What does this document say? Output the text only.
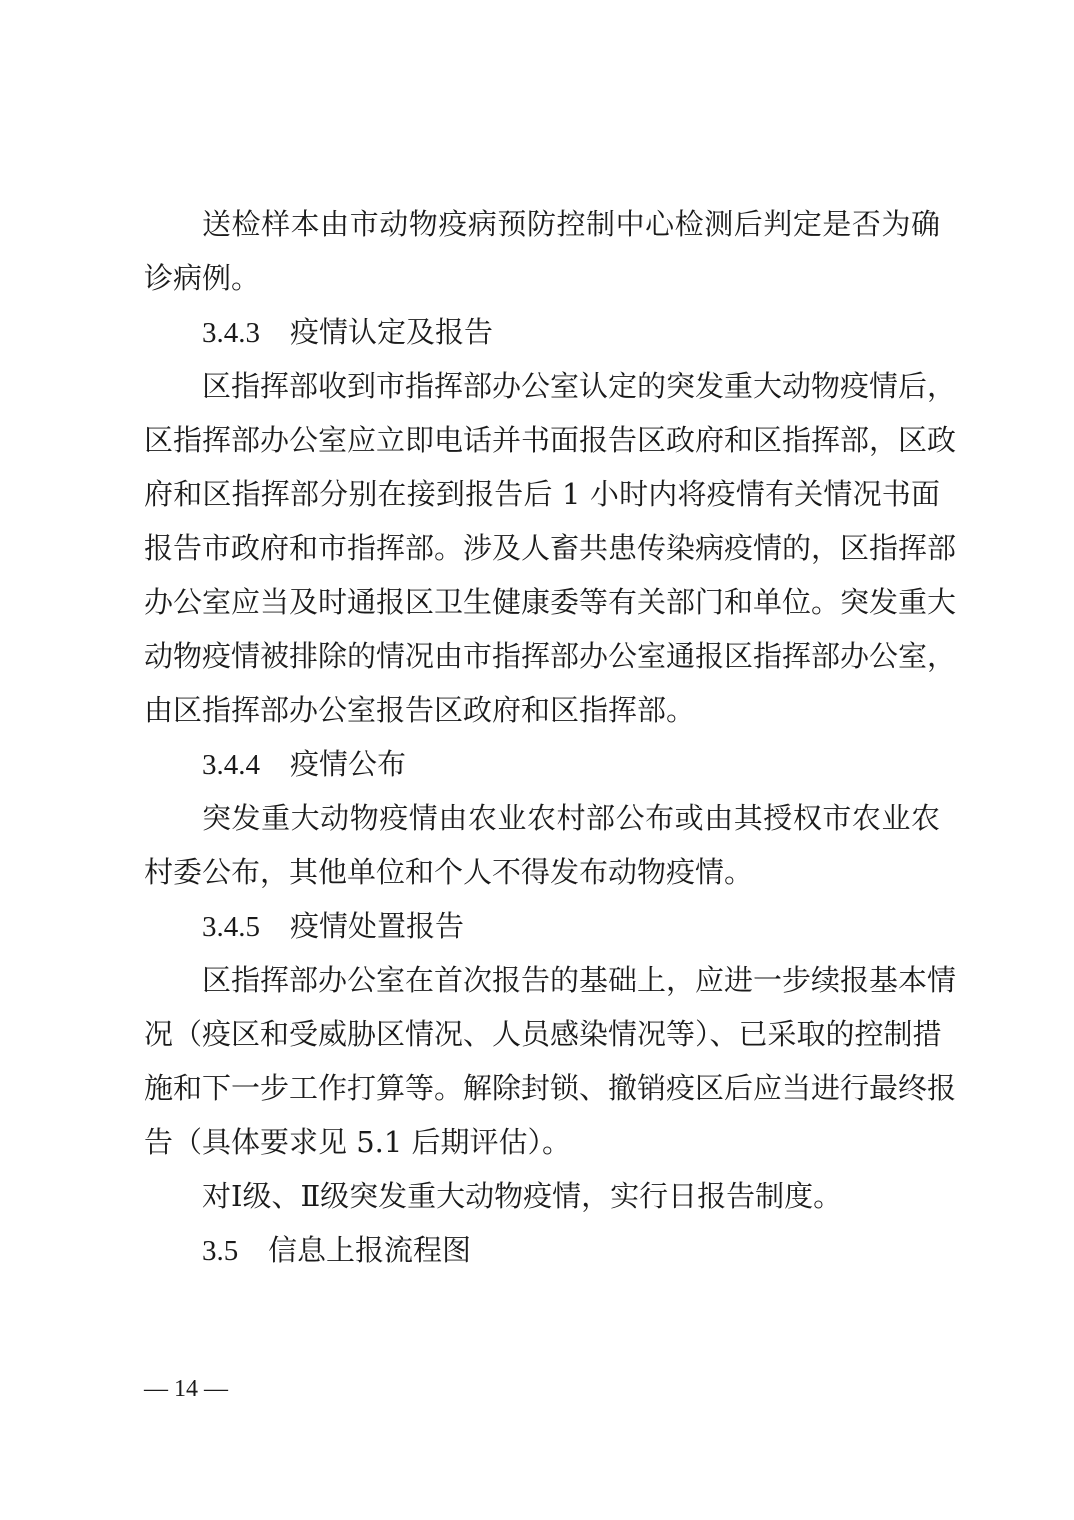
送检样本由市动物疫病预防控制中心检测后判定是否为确
诊病例。
3.4.3 疫情认定及报告
区指挥部收到市指挥部办公室认定的突发重大动物疫情后，
区指挥部办公室应立即电话并书面报告区政府和区指挥部，区政
府和区指挥部分别在接到报告后 1 小时内将疫情有关情况书面
报告市政府和市指挥部。涉及人畜共患传染病疫情的，区指挥部
办公室应当及时通报区卫生健康委等有关部门和单位。突发重大
动物疫情被排除的情况由市指挥部办公室通报区指挥部办公室，
由区指挥部办公室报告区政府和区指挥部。
3.4.4 疫情公布
突发重大动物疫情由农业农村部公布或由其授权市农业农
村委公布，其他单位和个人不得发布动物疫情。
3.4.5 疫情处置报告
区指挥部办公室在首次报告的基础上，应进一步续报基本情
况（疫区和受威胁区情况、人员感染情况等）、已采取的控制措
施和下一步工作打算等。解除封锁、撤销疫区后应当进行最终报
告（具体要求见 5.1 后期评估）。
对Ⅰ级、Ⅱ级突发重大动物疫情，实行日报告制度。
3.5 信息上报流程图
— 14 —
